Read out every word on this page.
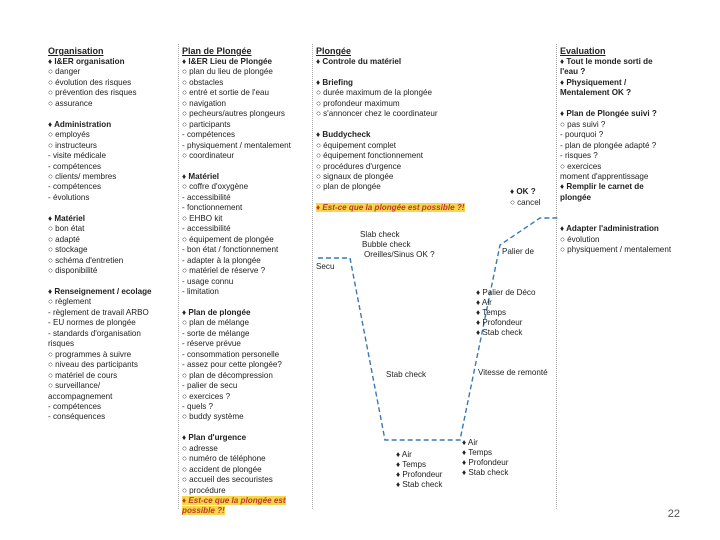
Organisation
♦ I&ER organisation
○ danger
○ évolution des risques
○ prévention des risques
○ assurance

♦ Administration
○ employés
○ instructeurs
- visite médicale
- compétences
○ clients/ membres
- compétences
- évolutions

♦ Matériel
○ bon état
○ adapté
○ stockage
○ schéma d'entretien
○ disponibilité

♦ Renseignement / ecolage
○ règlement
- règlement de travail ARBO
- EU normes de plongée
- standards d'organisation
risques
○ programmes à suivre
○ niveau des participants
○ matériel de cours
○ surveillance/
accompagnement
- compétences
- conséquences
Plan de Plongée
♦ I&ER Lieu de Plongée
○ plan du lieu de plongée
○ obstacles
○ entré et sortie de l'eau
○ navigation
○ pecheurs/autres plongeurs
○ participants
- compétences
- physiquement / mentalement
○ coordinateur

♦ Matériel
○ coffre d'oxygène
- accessibilité
- fonctionnement
○ EHBO kit
- accessibilité
○ équipement de plongée
- bon état / fonctionnement
- adapter à la plongée
○ matériel de réserve ?
- usage connu
- limitation

♦ Plan de plongée
○ plan de mélange
- sorte de mélange
- réserve prévue
- consommation personelle
- assez pour cette plongée?
○ plan de décompression
- palier de secu
○ exercices ?
- quels ?
○ buddy système

♦ Plan d'urgence
○ adresse
○ numéro de téléphone
○ accident de plongée
○ accueil des secouristes
○ procédure
♦ Est-ce que la plongée est
possible ?!
Plongée
♦ Controle du matériel

♦ Briefing
○ durée maximum de la plongée
○ profondeur maximum
○ s'annoncer chez le coordinateur

♦ Buddycheck
○ équipement complet
○ équipement fonctionnement
○ procédures d'urgence
○ signaux de plongée
○ plan de plongée

♦ Est-ce que la plongée est possible ?!
Evaluation
♦ Tout le monde sorti de
l'eau ?
♦ Physiquement /
Mentalement OK ?

♦ Plan de Plongée suivi ?
○ pas suivi ?
- pourquoi ?
- plan de plongée adapté ?
- risques ?
○ exercices
moment d'apprentissage
♦ Remplir le carnet de
plongée

♦ Adapter l'administration
○ évolution
○ physiquement / mentalement
♦ OK ?
○ cancel
Slab check
Bubble check
Oreilles/Sinus OK ?
Secu
Palier de
Stab check	Vitesse de remonté
♦ Palier de Déco
♦ Air
♦ Temps
♦ Profondeur
♦ Stab check
♦ Air
♦ Temps
♦ Profondeur
♦ Stab check
♦ Air
♦ Temps
♦ Profondeur
♦ Stab check
22
